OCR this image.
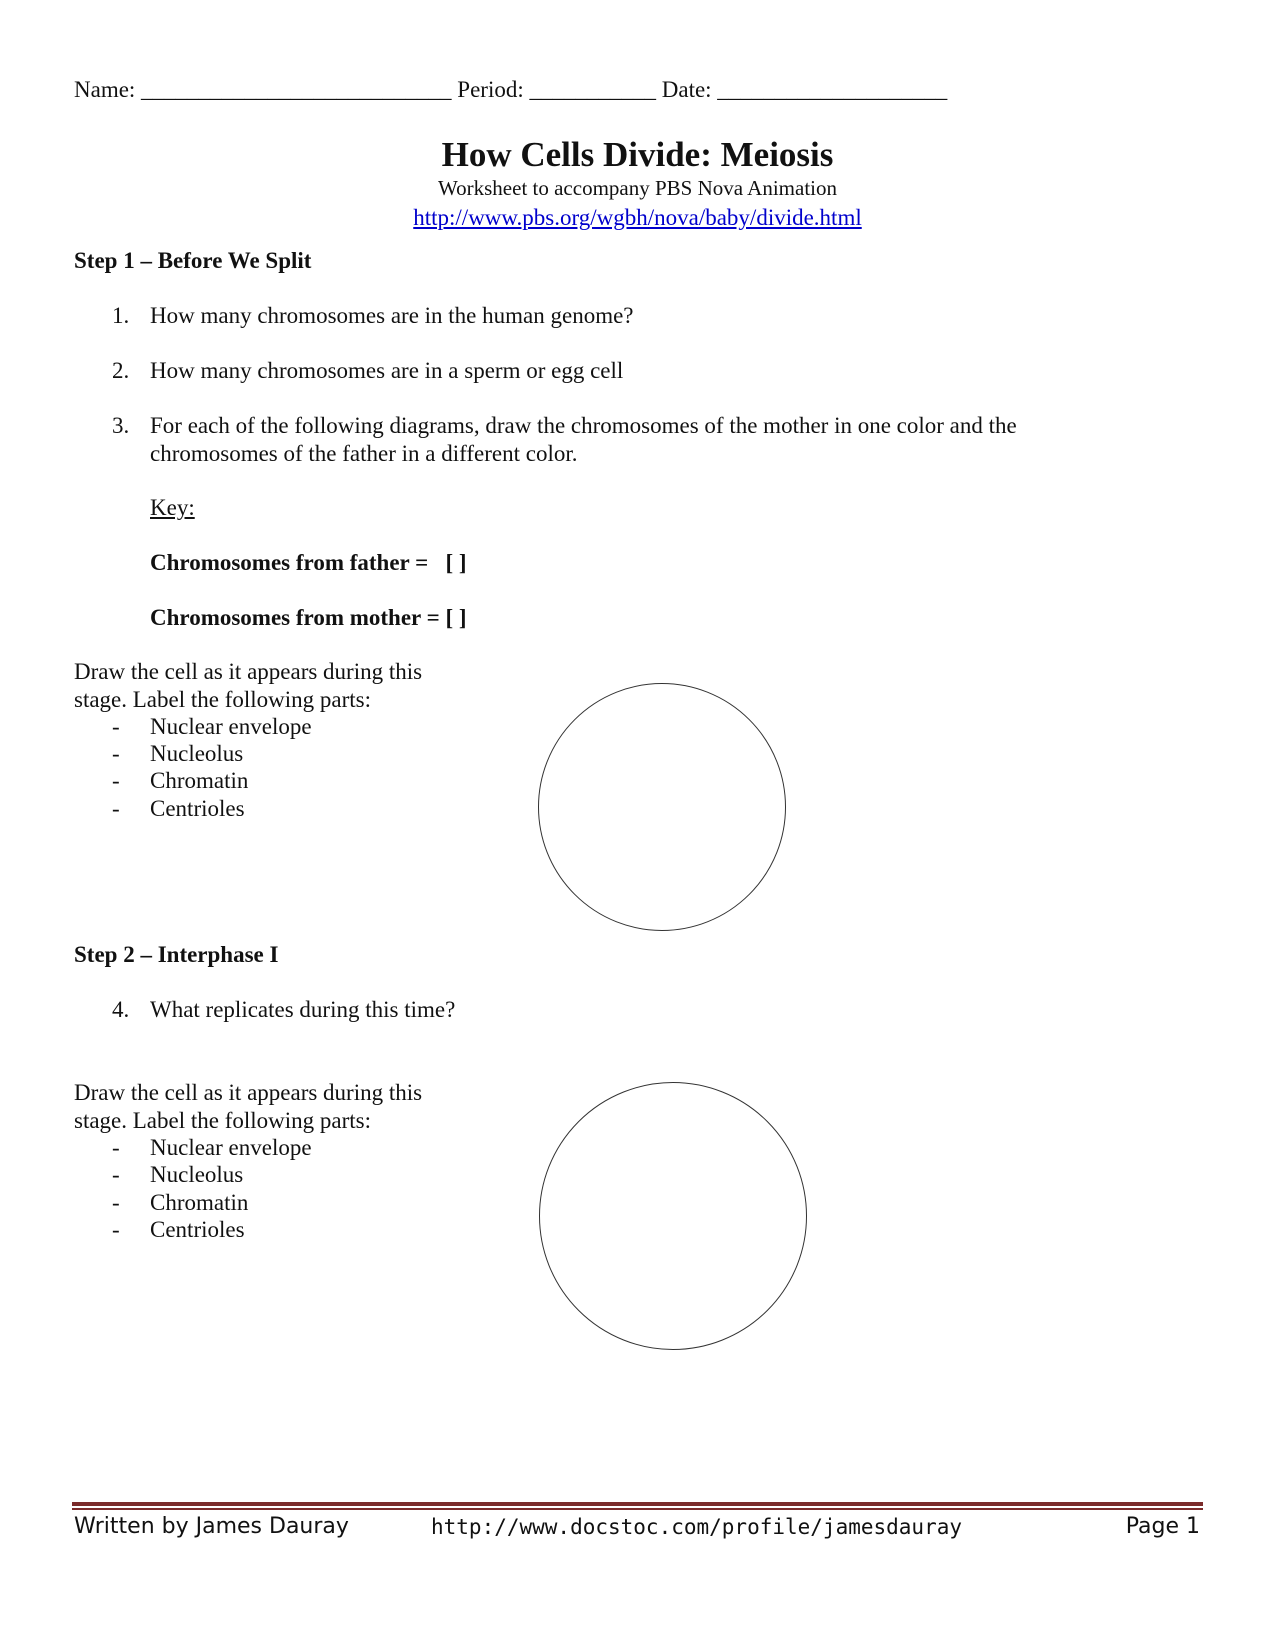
Name: ___________________________ Period: ___________ Date: ____________________
How Cells Divide: Meiosis
Worksheet to accompany PBS Nova Animation
http://www.pbs.org/wgbh/nova/baby/divide.html
Step 1 – Before We Split
1. How many chromosomes are in the human genome?
2. How many chromosomes are in a sperm or egg cell
3. For each of the following diagrams, draw the chromosomes of the mother in one color and the chromosomes of the father in a different color.
Key:
Chromosomes from father = [ ]
Chromosomes from mother = [ ]
Draw the cell as it appears during this stage. Label the following parts:
- Nuclear envelope
- Nucleolus
- Chromatin
- Centrioles
Step 2 – Interphase I
4. What replicates during this time?
Draw the cell as it appears during this stage. Label the following parts:
- Nuclear envelope
- Nucleolus
- Chromatin
- Centrioles
Written by James Dauray	http://www.docstoc.com/profile/jamesdauray	Page 1
